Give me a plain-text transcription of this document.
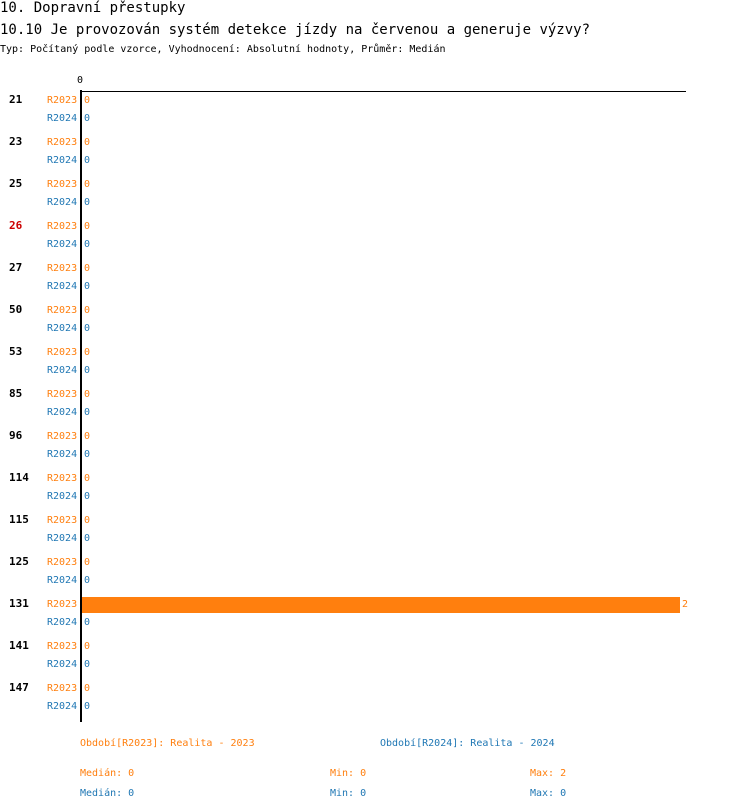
10. Dopravní přestupky
10.10 Je provozován systém detekce jízdy na červenou a generuje výzvy?
Typ: Počítaný podle vzorce, Vyhodnocení: Absolutní hodnoty, Průměr: Medián
0
21 R2023 0
R2024 0
23 R2023 0
R2024 0
25 R2023 0
R2024 0
26 R2023 0
R2024 0
27 R2023 0
R2024 0
50 R2023 0
R2024 0
53 R2023 0
R2024 0
85 R2023 0
R2024 0
96 R2023 0
R2024 0
114 R2023 0
R2024 0
115 R2023 0
R2024 0
125 R2023 0
R2024 0
131 R2023	2
R2024 0
141 R2023 0
R2024 0
147 R2023 0
R2024 0
Období[R2023]: Realita - 2023	Období[R2024]: Realita - 2024
Medián: 0	Min: 0	Max: 2
Medián: 0	Min: 0	Max: 0
